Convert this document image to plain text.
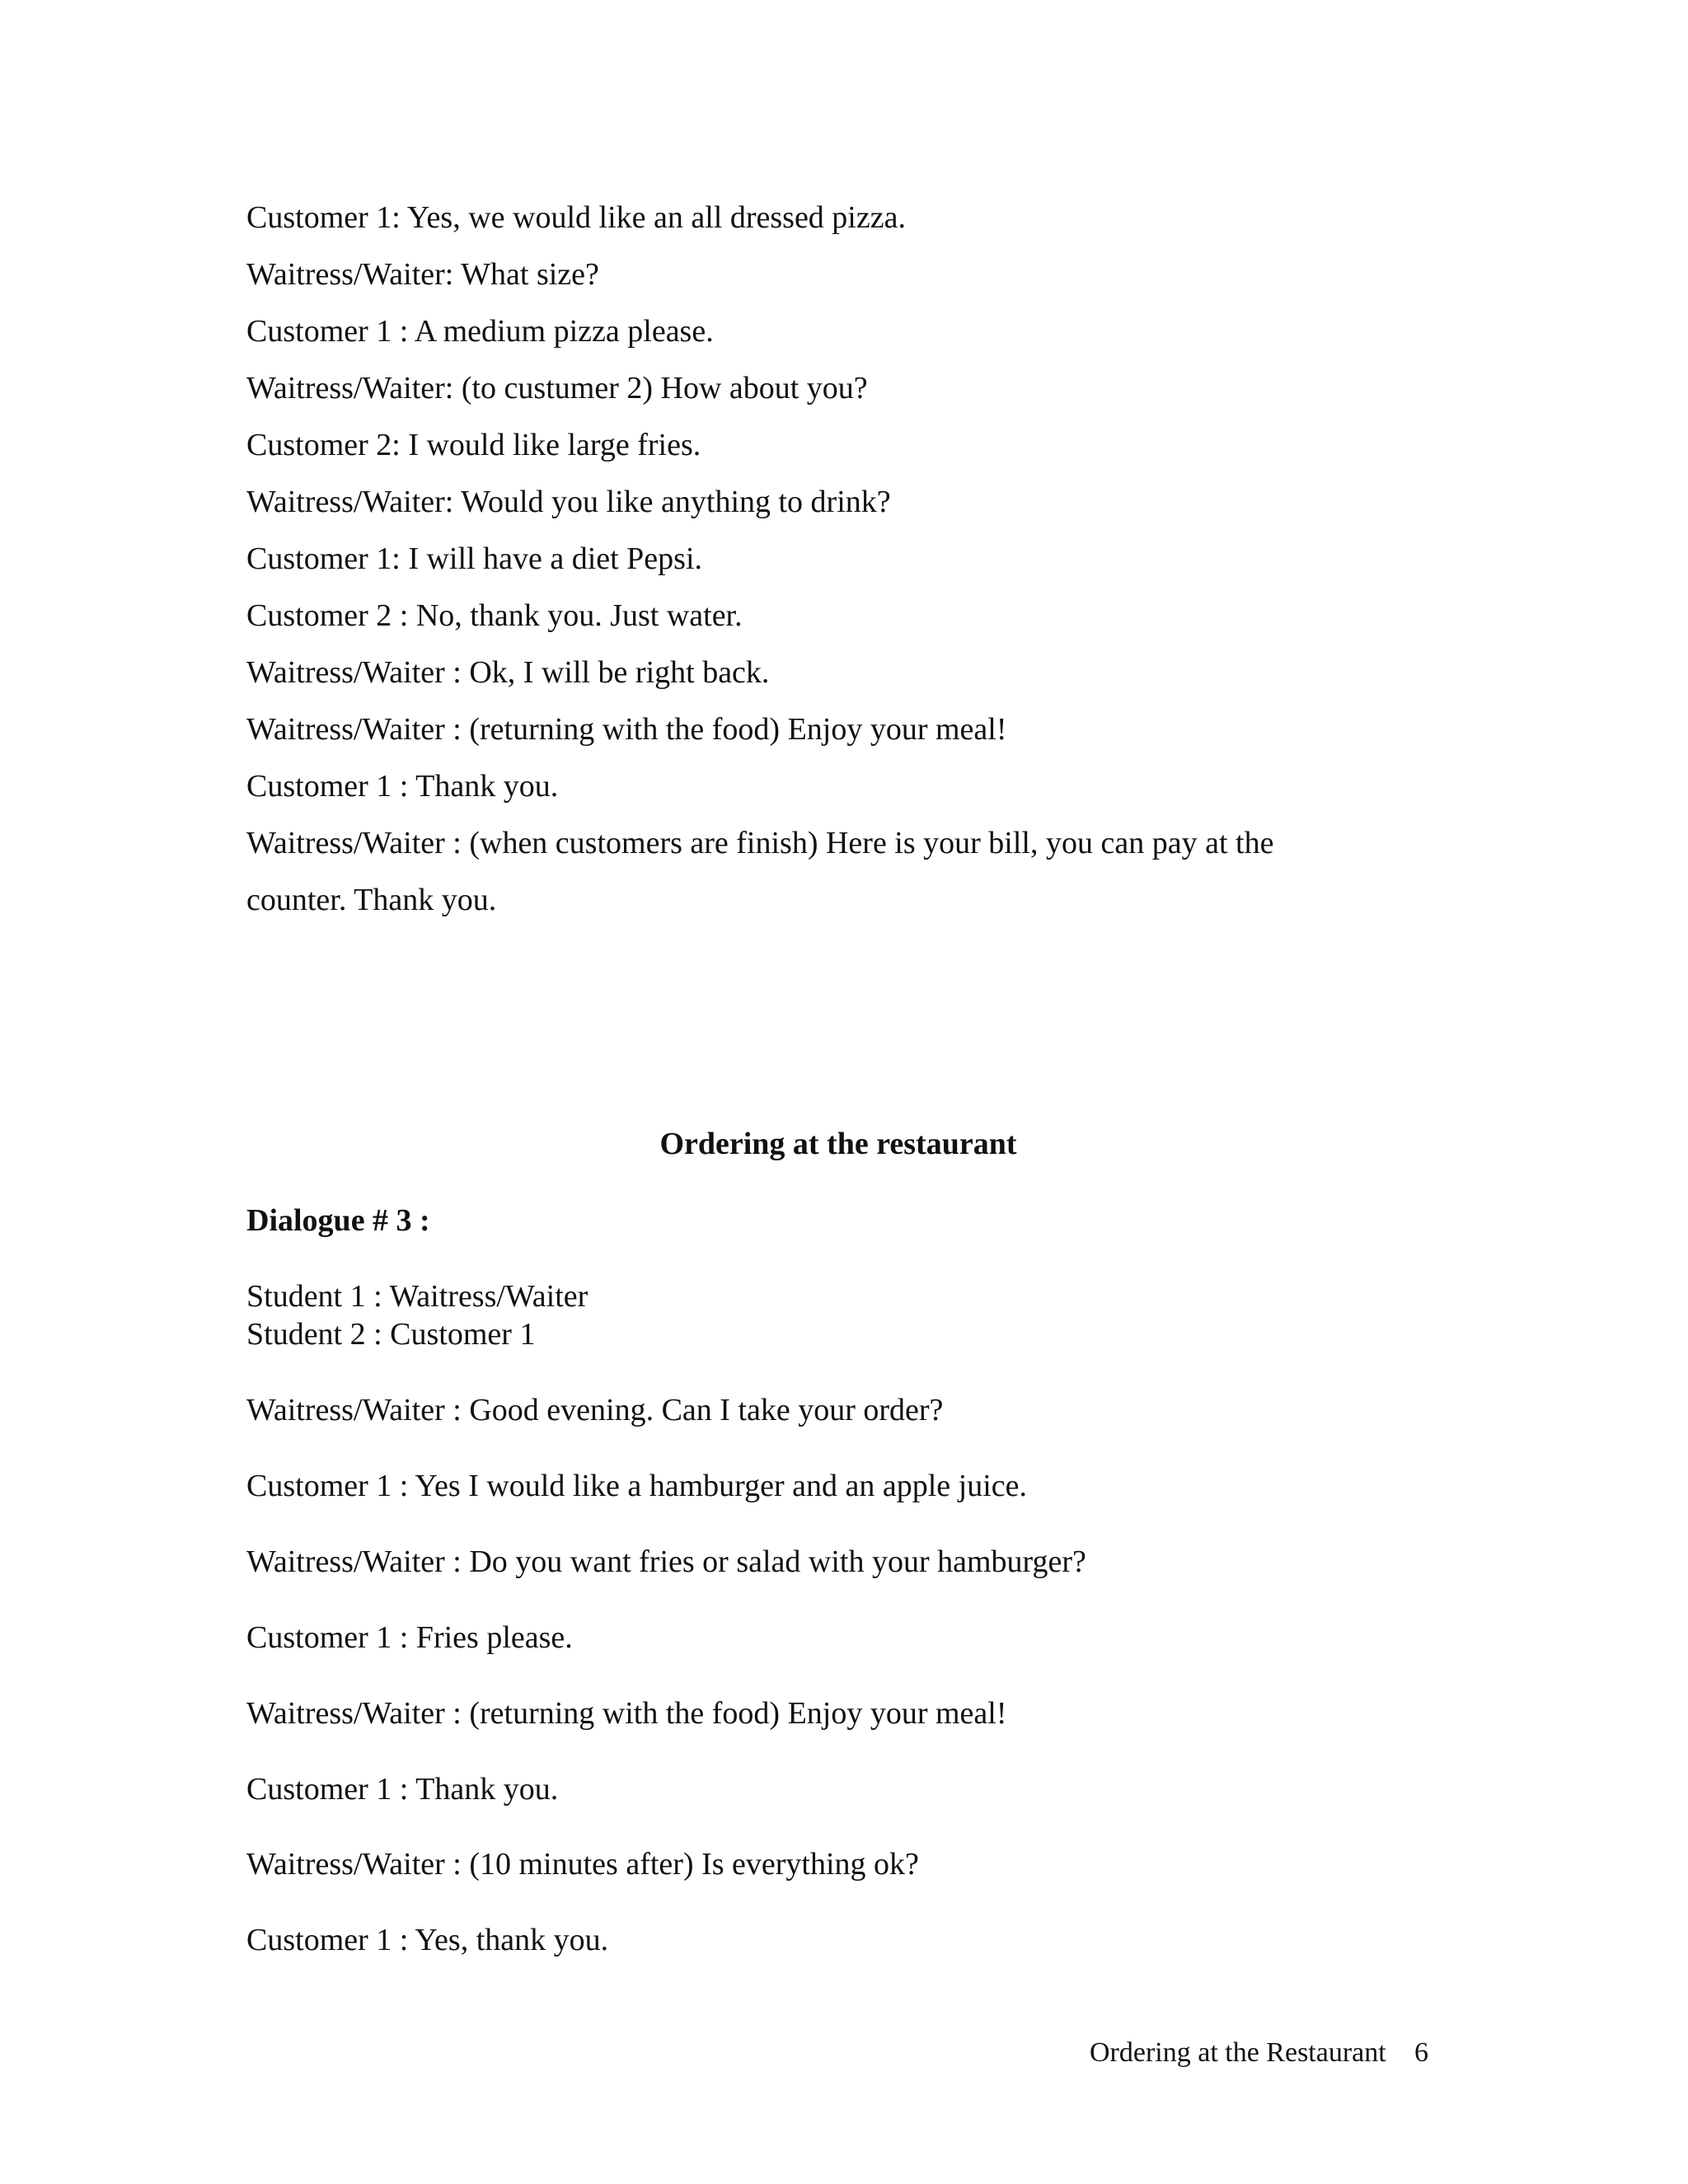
Customer 1: Yes, we would like an all dressed pizza.
Waitress/Waiter: What size?
Customer 1 : A medium pizza please.
Waitress/Waiter: (to custumer 2) How about you?
Customer 2: I would like large fries.
Waitress/Waiter: Would you like anything to drink?
Customer 1: I will have a diet Pepsi.
Customer 2 : No, thank you. Just water.
Waitress/Waiter : Ok, I will be right back.
Waitress/Waiter : (returning with the food) Enjoy your meal!
Customer 1 : Thank you.
Waitress/Waiter : (when customers are finish) Here is your bill, you can pay at the
counter. Thank you.
Ordering at the restaurant
Dialogue # 3 :
Student 1 : Waitress/Waiter
Student 2 : Customer 1
Waitress/Waiter : Good evening. Can I take your order?
Customer 1 : Yes I would like a hamburger and an apple juice.
Waitress/Waiter : Do you want fries or salad with your hamburger?
Customer 1 : Fries please.
Waitress/Waiter : (returning with the food) Enjoy your meal!
Customer 1 : Thank you.
Waitress/Waiter : (10 minutes after) Is everything ok?
Customer 1 : Yes, thank you.
Ordering at the Restaurant 6
